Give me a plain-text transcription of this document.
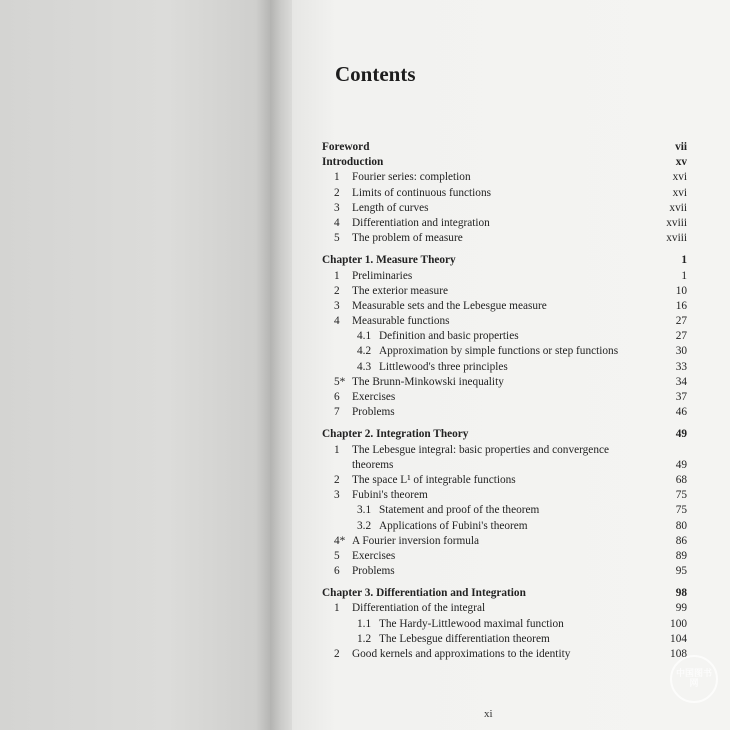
Contents
Foreword	vii
Introduction	xv
1 Fourier series: completion	xvi
2 Limits of continuous functions	xvi
3 Length of curves	xvii
4 Differentiation and integration	xviii
5 The problem of measure	xviii
Chapter 1. Measure Theory	1
1 Preliminaries	1
2 The exterior measure	10
3 Measurable sets and the Lebesgue measure	16
4 Measurable functions	27
4.1 Definition and basic properties	27
4.2 Approximation by simple functions or step functions	30
4.3 Littlewood's three principles	33
5* The Brunn-Minkowski inequality	34
6 Exercises	37
7 Problems	46
Chapter 2. Integration Theory	49
1 The Lebesgue integral: basic properties and convergence
theorems	49
2 The space L¹ of integrable functions	68
3 Fubini's theorem	75
3.1 Statement and proof of the theorem	75
3.2 Applications of Fubini's theorem	80
4* A Fourier inversion formula	86
5 Exercises	89
6 Problems	95
Chapter 3. Differentiation and Integration	98
1 Differentiation of the integral	99
1.1 The Hardy-Littlewood maximal function	100
1.2 The Lebesgue differentiation theorem	104
2 Good kernels and approximations to the identity	108
xi
中国图书网
